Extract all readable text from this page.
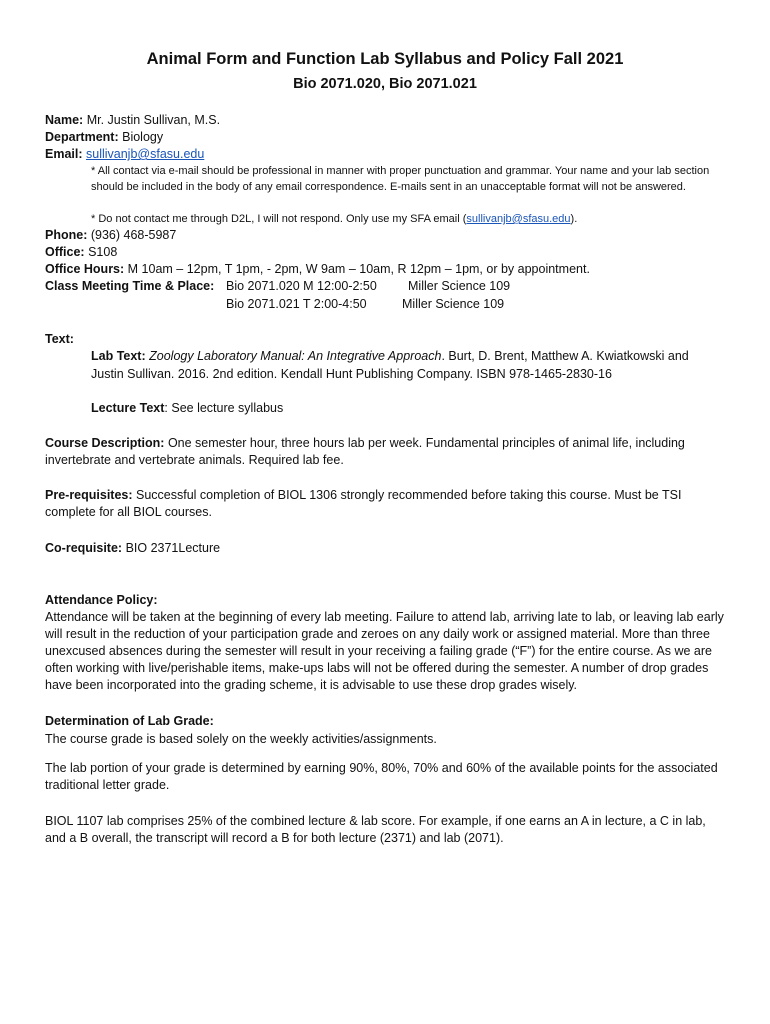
Animal Form and Function Lab Syllabus and Policy Fall 2021
Bio 2071.020, Bio 2071.021
Name: Mr. Justin Sullivan, M.S.
Department: Biology
Email: sullivanjb@sfasu.edu
* All contact via e-mail should be professional in manner with proper punctuation and grammar. Your name and your lab section should be included in the body of any email correspondence. E-mails sent in an unacceptable format will not be answered.
* Do not contact me through D2L, I will not respond. Only use my SFA email (sullivanjb@sfasu.edu).
Phone: (936) 468-5987
Office: S108
Office Hours: M 10am – 12pm, T 1pm, - 2pm, W 9am – 10am, R 12pm – 1pm, or by appointment.
Class Meeting Time & Place: Bio 2071.020 M 12:00-2:50 Miller Science 109
Bio 2071.021 T 2:00-4:50	Miller Science 109
Text:
Lab Text: Zoology Laboratory Manual: An Integrative Approach. Burt, D. Brent, Matthew A. Kwiatkowski and Justin Sullivan. 2016. 2nd edition. Kendall Hunt Publishing Company. ISBN 978-1465-2830-16
Lecture Text: See lecture syllabus
Course Description: One semester hour, three hours lab per week. Fundamental principles of animal life, including invertebrate and vertebrate animals. Required lab fee.
Pre-requisites: Successful completion of BIOL 1306 strongly recommended before taking this course. Must be TSI complete for all BIOL courses.
Co-requisite: BIO 2371Lecture
Attendance Policy:
Attendance will be taken at the beginning of every lab meeting. Failure to attend lab, arriving late to lab, or leaving lab early will result in the reduction of your participation grade and zeroes on any daily work or assigned material. More than three unexcused absences during the semester will result in your receiving a failing grade (“F”) for the entire course. As we are often working with live/perishable items, make-ups labs will not be offered during the semester. A number of drop grades have been incorporated into the grading scheme, it is advisable to use these drop grades wisely.
Determination of Lab Grade:
The course grade is based solely on the weekly activities/assignments.
The lab portion of your grade is determined by earning 90%, 80%, 70% and 60% of the available points for the associated traditional letter grade.
BIOL 1107 lab comprises 25% of the combined lecture & lab score. For example, if one earns an A in lecture, a C in lab, and a B overall, the transcript will record a B for both lecture (2371) and lab (2071).
